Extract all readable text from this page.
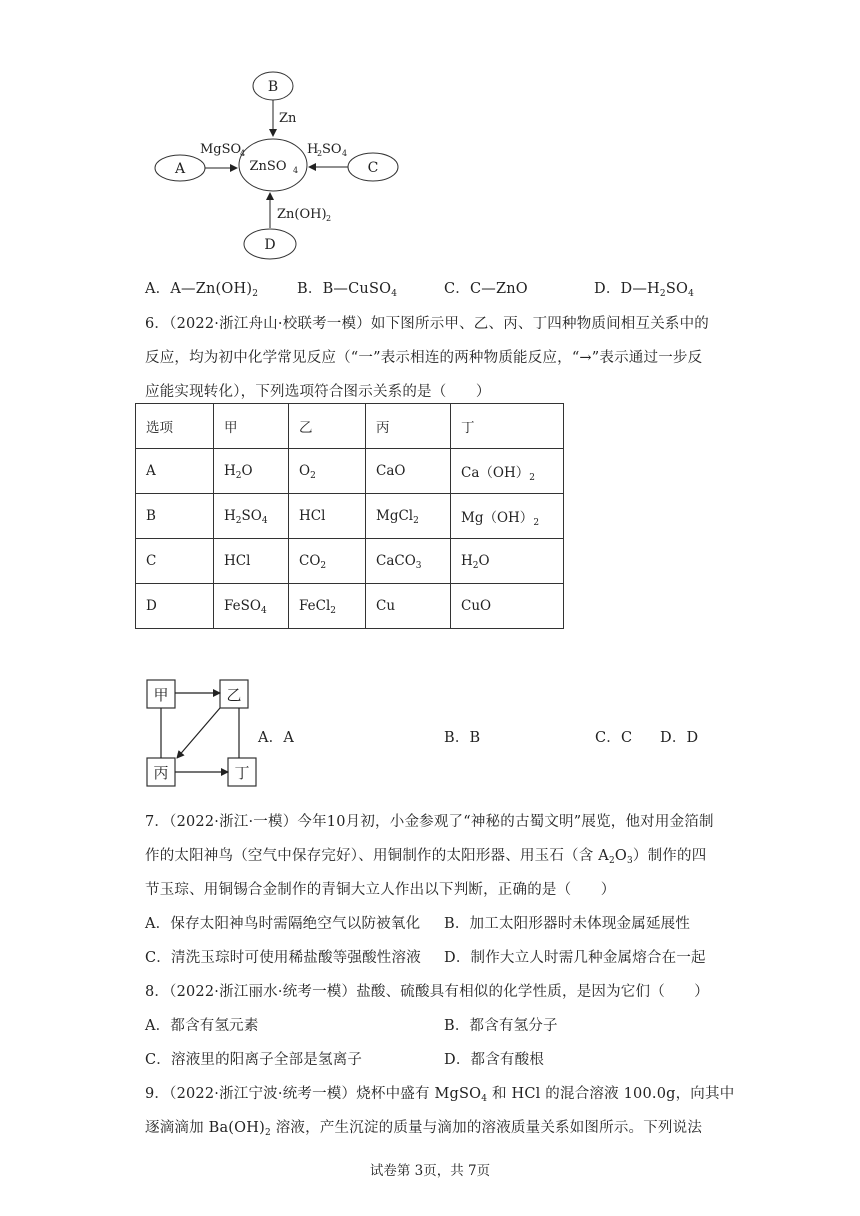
B
Zn
ZnSO 4
A
MgSO
4
C
H
2 SO 4
D
Zn(OH) 2
A．$A—Zn(OH)_2$	B．B—CuSO$_4$	C．C—ZnO	D．$D—H_2SO_4$
6．（2022·浙江舟山·校联考一模）如下图所示甲、乙、丙、丁四种物质间相互关系中的
反应，均为初中化学常见反应（“一”表示相连的两种物质能反应，“→”表示通过一步反
应能实现转化），下列选项符合图示关系的是（　　）
选项	甲	乙	丙	丁
A	$H_2O$	$O_2$	CaO	$Ca(OH)_2$
B	$H_2SO_4$	HCl	MgCl$_2$	$Mg(OH)_2$
C	HCl	$CO_2$	CaCO$_3$	$H_2O$
D	FeSO$_4$	FeCl$_2$	Cu	CuO
甲	乙
丙	丁
A．A	B．B	C．C D．D
7．（2022·浙江·一模）今年10月初，小金参观了“神秘的古蜀文明”展览，他对用金箔制
作的太阳神鸟（空气中保存完好）、用铜制作的太阳形器、用玉石（含 $A_2O_3$）制作的四
节玉琮、用铜锡合金制作的青铜大立人作出以下判断，正确的是（　　）
A．保存太阳神鸟时需隔绝空气以防被氧化 B．加工太阳形器时未体现金属延展性
C．清洗玉琮时可使用稀盐酸等强酸性溶液 D．制作大立人时需几种金属熔合在一起
8．（2022·浙江丽水·统考一模）盐酸、硫酸具有相似的化学性质，是因为它们（　　）
A．都含有氢元素	B．都含有氢分子
C．溶液里的阳离子全部是氢离子	D．都含有酸根
9．（2022·浙江宁波·统考一模）烧杯中盛有 MgSO$_4$ 和 HCl 的混合溶液 100.0g，向其中
逐滴滴加 $Ba(OH)_2$ 溶液，产生沉淀的质量与滴加的溶液质量关系如图所示。下列说法
试卷第 3页，共 7页
